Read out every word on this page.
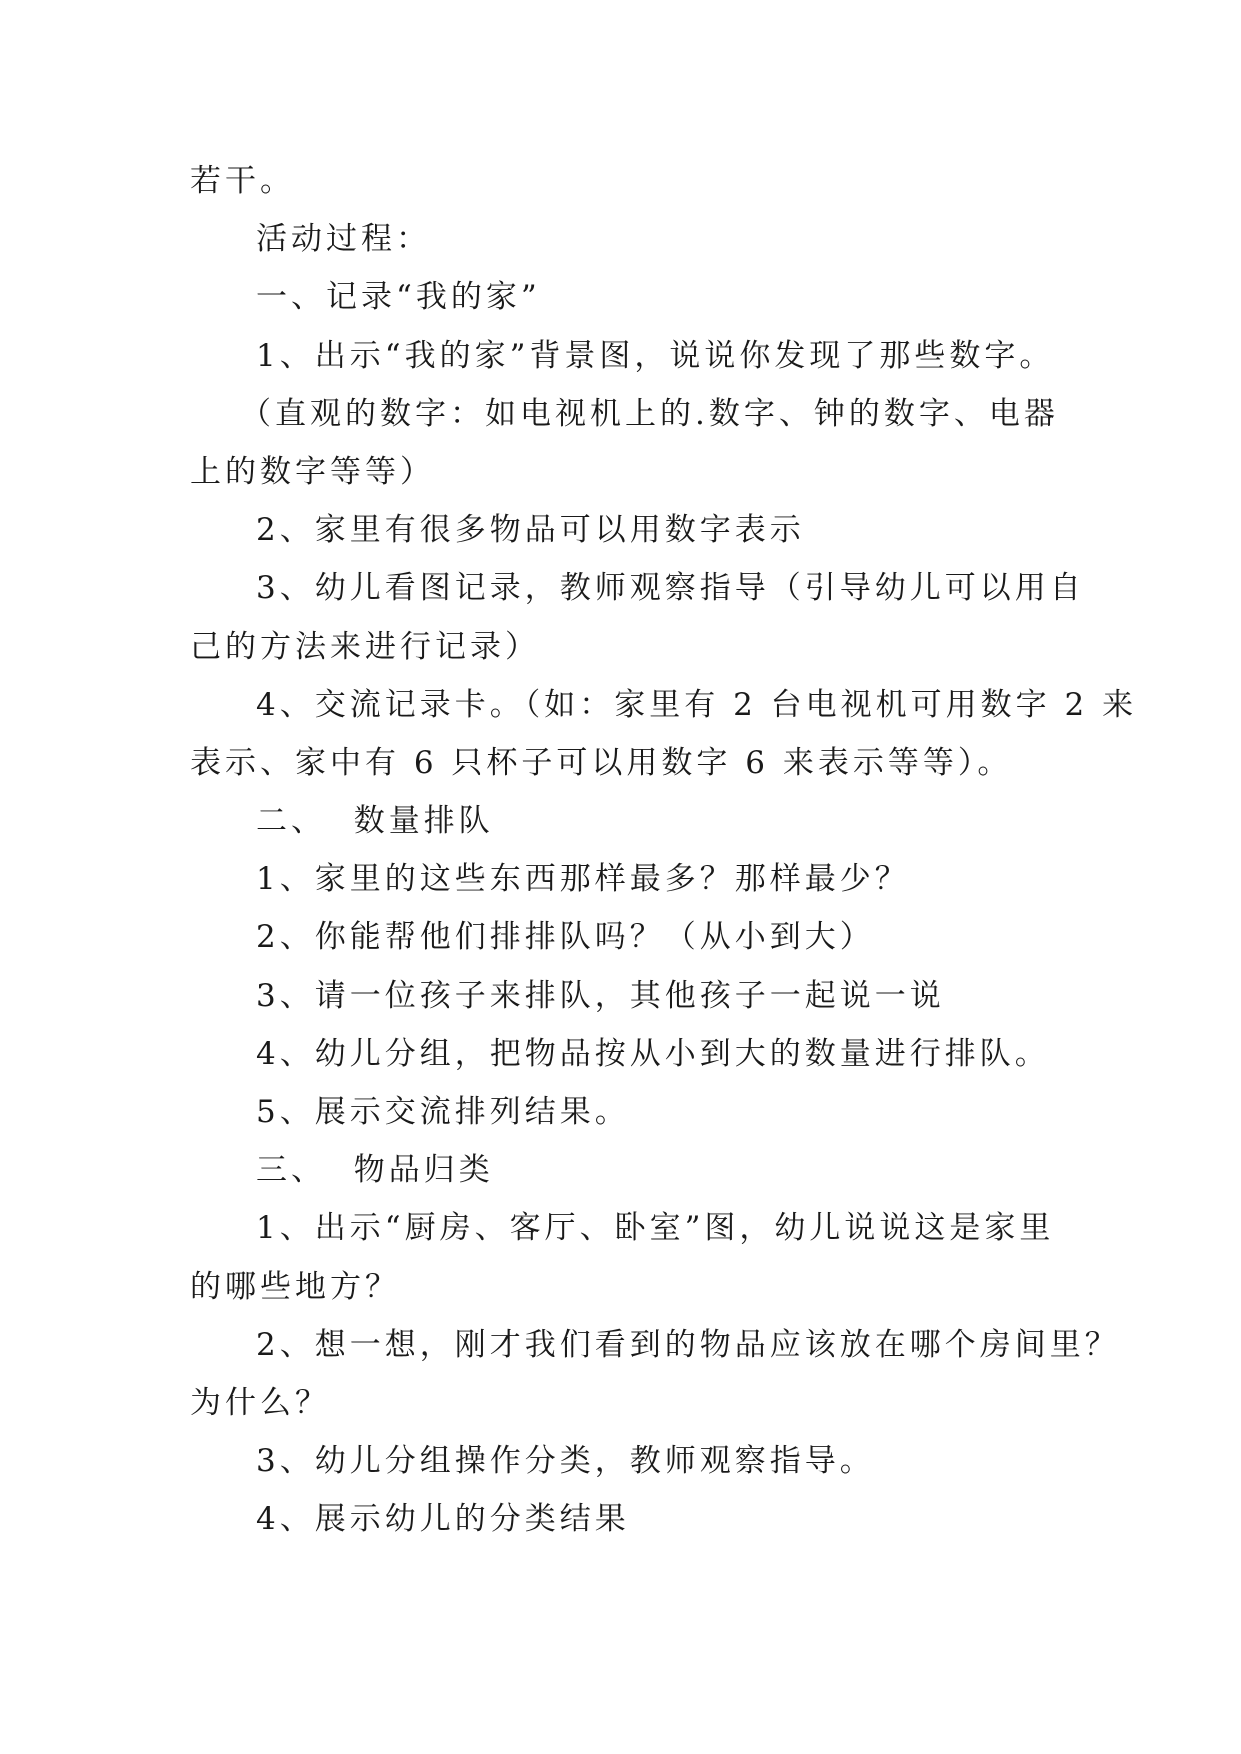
若干。
活动过程：
一、记录“我的家”
1、出示“我的家”背景图，说说你发现了那些数字。
（直观的数字：如电视机上的.数字、钟的数字、电器
上的数字等等）
2、家里有很多物品可以用数字表示
3、幼儿看图记录，教师观察指导（引导幼儿可以用自
己的方法来进行记录）
4、交流记录卡。（如：家里有 2 台电视机可用数字 2 来
表示、家中有 6 只杯子可以用数字 6 来表示等等）。
二、  数量排队
1、家里的这些东西那样最多？那样最少？
2、你能帮他们排排队吗？（从小到大）
3、请一位孩子来排队，其他孩子一起说一说
4、幼儿分组，把物品按从小到大的数量进行排队。
5、展示交流排列结果。
三、  物品归类
1、出示“厨房、客厅、卧室”图，幼儿说说这是家里
的哪些地方？
2、想一想，刚才我们看到的物品应该放在哪个房间里？
为什么？
3、幼儿分组操作分类，教师观察指导。
4、展示幼儿的分类结果
